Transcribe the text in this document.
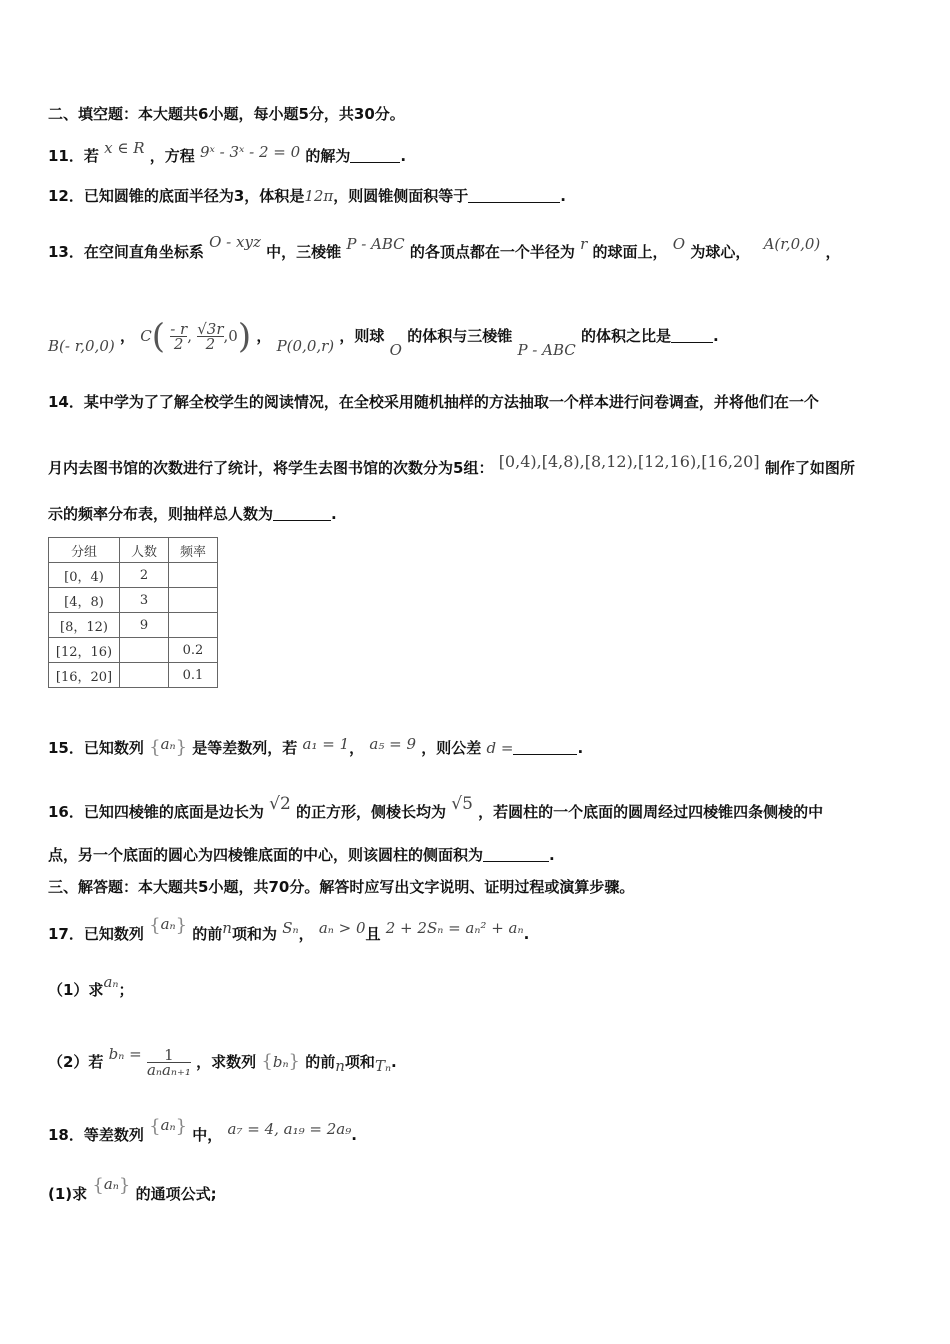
二、填空题：本大题共6小题，每小题5分，共30分。
11．若 x ∈ R ，方程 9ˣ - 3ˣ - 2 = 0 的解为	.
12．已知圆锥的底面半径为3，体积是12π，则圆锥侧面积等于	.
13．在空间直角坐标系 O - xyz 中，三棱锥 P - ABC 的各顶点都在一个半径为 r 的球面上， O 为球心， A(r,0,0) ，
B(- r,0,0) ， $C( \frac{- r}{2}$ , $\frac{√3r}{2} ,0$) ， P(0,0,r) ，则球 O 的体积与三棱锥 P - ABC 的体积之比是	.
14．某中学为了了解全校学生的阅读情况，在全校采用随机抽样的方法抽取一个样本进行问卷调查，并将他们在一个
月内去图书馆的次数进行了统计，将学生去图书馆的次数分为5组： [0,4),[4,8),[8,12),[12,16),[16,20] 制作了如图所
示的频率分布表，则抽样总人数为	.
分组	人数	频率
[0，4)	2	
[4，8)	3	
[8，12)	9	
[12，16)		0.2
[16，20]		0.1
15．已知数列 {aₙ} 是等差数列，若 a₁ = 1， a₅ = 9 ，则公差 d =	.
16．已知四棱锥的底面是边长为 √2 的正方形，侧棱长均为 √5 ，若圆柱的一个底面的圆周经过四棱锥四条侧棱的中
点，另一个底面的圆心为四棱锥底面的中心，则该圆柱的侧面积为	.
三、解答题：本大题共5小题，共70分。解答时应写出文字说明、证明过程或演算步骤。
17．已知数列 {aₙ} 的前n项和为 Sₙ， aₙ > 0且 2 + 2Sₙ = aₙ² + aₙ.
（1）求aₙ；
（2）若 $b_n = \frac{1}{\text{aₙaₙ₊₁}}$ ，求数列 {bₙ} 的前n项和Tₙ.
18．等差数列 {aₙ} 中， a₇ = 4, a₁₉ = 2a₉.
(1)求 {aₙ} 的通项公式;
